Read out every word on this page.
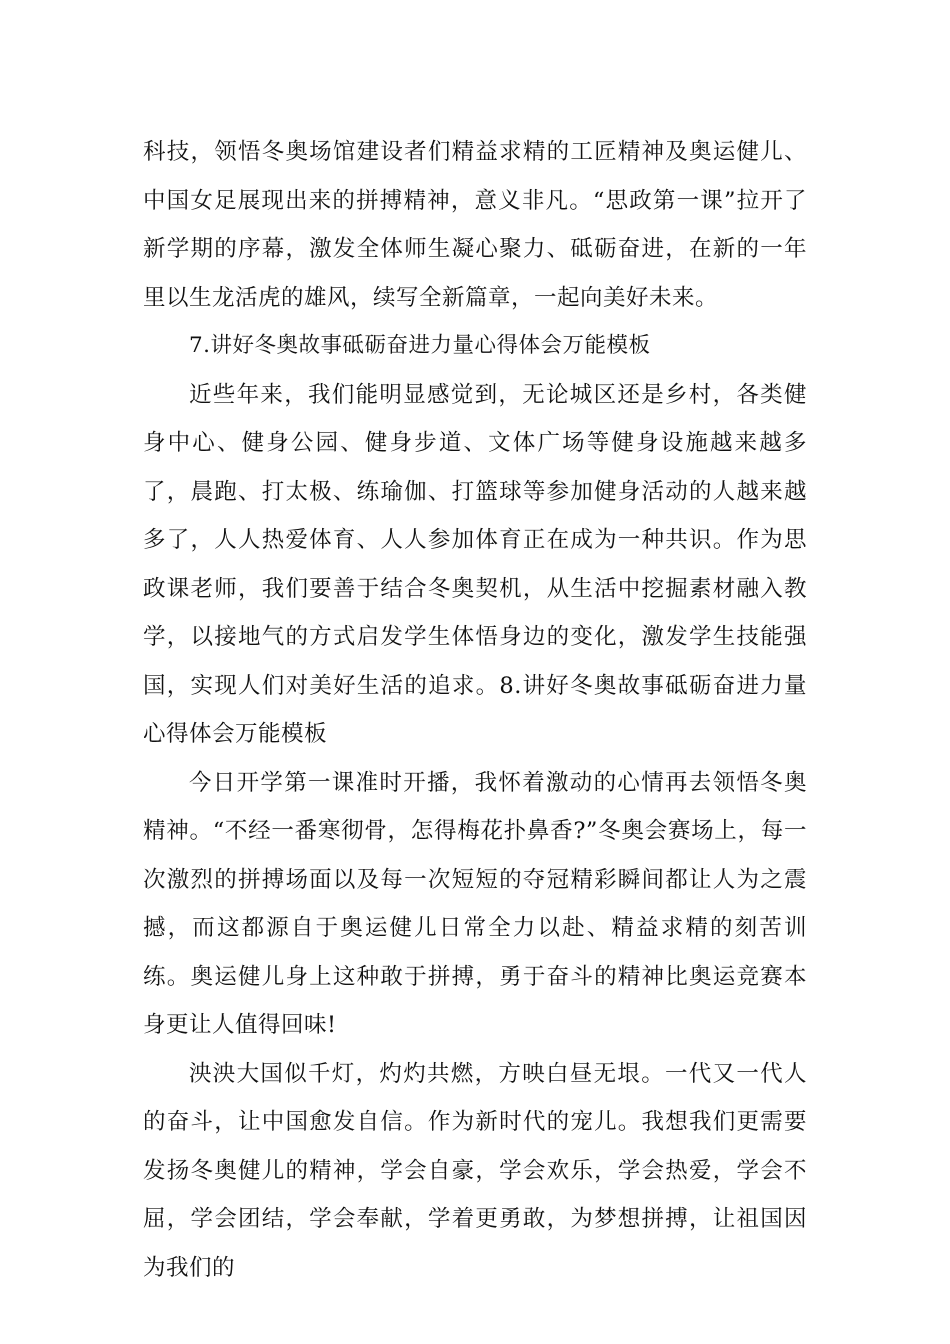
科技，领悟冬奥场馆建设者们精益求精的工匠精神及奥运健儿、中国女足展现出来的拼搏精神，意义非凡。“思政第一课”拉开了新学期的序幕，激发全体师生凝心聚力、砥砺奋进，在新的一年里以生龙活虎的雄风，续写全新篇章，一起向美好未来。

7.讲好冬奥故事砥砺奋进力量心得体会万能模板

近些年来，我们能明显感觉到，无论城区还是乡村，各类健身中心、健身公园、健身步道、文体广场等健身设施越来越多了，晨跑、打太极、练瑜伽、打篮球等参加健身活动的人越来越多了，人人热爱体育、人人参加体育正在成为一种共识。作为思政课老师，我们要善于结合冬奥契机，从生活中挖掘素材融入教学，以接地气的方式启发学生体悟身边的变化，激发学生技能强国，实现人们对美好生活的追求。8.讲好冬奥故事砥砺奋进力量心得体会万能模板

今日开学第一课准时开播，我怀着激动的心情再去领悟冬奥精神。“不经一番寒彻骨，怎得梅花扑鼻香?”冬奥会赛场上，每一次激烈的拼搏场面以及每一次短短的夺冠精彩瞬间都让人为之震撼，而这都源自于奥运健儿日常全力以赴、精益求精的刻苦训练。奥运健儿身上这种敢于拼搏，勇于奋斗的精神比奥运竞赛本身更让人值得回味!

泱泱大国似千灯，灼灼共燃，方映白昼无垠。一代又一代人的奋斗，让中国愈发自信。作为新时代的宠儿。我想我们更需要发扬冬奥健儿的精神，学会自豪，学会欢乐，学会热爱，学会不屈，学会团结，学会奉献，学着更勇敢，为梦想拼搏，让祖国因为我们的
